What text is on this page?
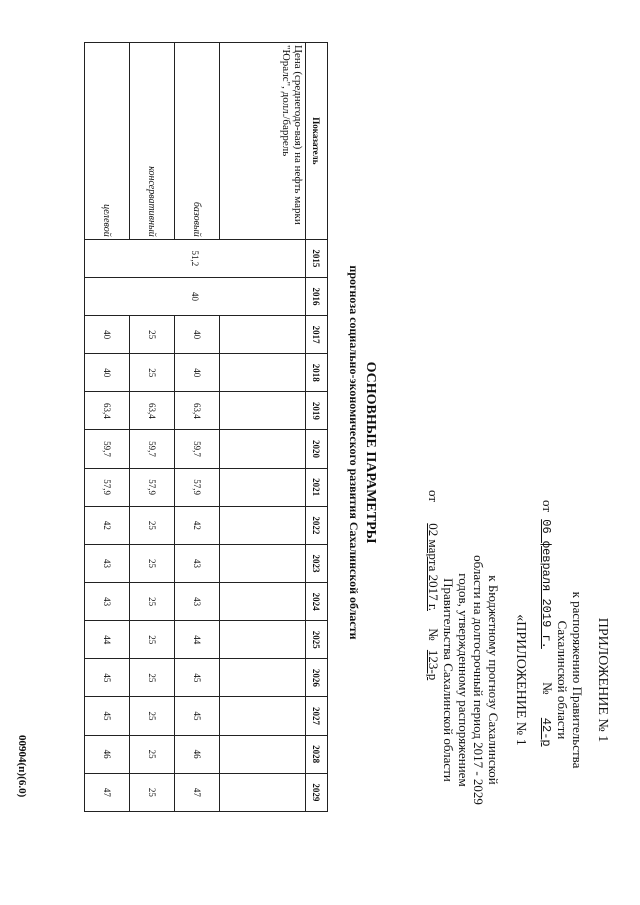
ПРИЛОЖЕНИЕ № 1
к распоряжению Правительства
Сахалинской области
от 06 февраля 2019 г. № 42-р
«ПРИЛОЖЕНИЕ № 1
к Бюджетному прогнозу Сахалинской
области на долгосрочный период 2017 - 2029
годов, утвержденному распоряжением
Правительства Сахалинской области
от 02 марта 2017 г. № 123-р
ОСНОВНЫЕ ПАРАМЕТРЫ
прогноза социально-экономического развития Сахалинской области
Показатель	2015	2016	2017	2018	2019	2020	2021	2022	2023	2024	2025	2026	2027	2028	2029
Цена (среднегодо-вая) на нефть марки "Юралс", долл./баррель	51,2	40													
базовый			40	40	63,4	59,7	57,9	42	43	43	44	45	45	46	47
консервативный			25	25	63,4	59,7	57,9	25	25	25	25	25	25	25	25
целевой			40	40	63,4	59,7	57,9	42	43	43	44	45	45	46	47
00904(п)(6.0)
